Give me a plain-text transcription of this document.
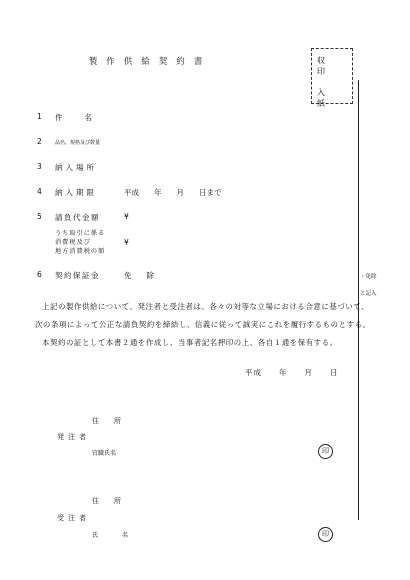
製作供給契約書	収印
入紙
1 件名
2	品名、規格及び数量
3 納入場所
4 納入期限	平成　　年　　月　　日まで
5 請負代金額	¥
うち取引に係る
消費税及び
地方消費税の額
¥
6 契約保証金	免　　除	・免除
と記入
上記の製作供給について、発注者と受注者は、各々の対等な立場における合意に基づいて、
次の条項によって公正な請負契約を締結し、信義に従って誠実にこれを履行するものとする。
本契約の証として本書２通を作成し、当事者記名押印の上、各自１通を保有する。
平成　　年　　月　　日
住　所
発注者
官職氏名	印
住　所
受注者
氏　　名	印
